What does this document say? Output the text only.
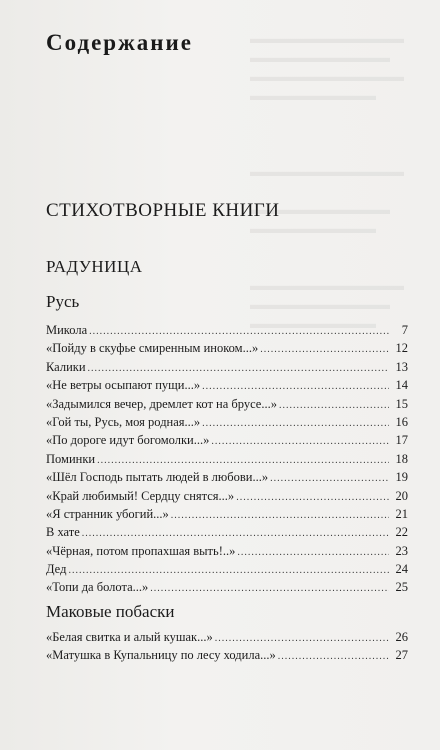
▬▬▬▬▬▬▬▬▬▬▬
▬▬▬▬▬▬▬▬▬▬
▬▬▬▬▬▬▬▬▬▬▬
▬▬▬▬▬▬▬▬▬

▬▬▬▬▬▬▬▬▬▬▬

▬▬▬▬▬▬▬▬▬▬
▬▬▬▬▬▬▬▬▬

▬▬▬▬▬▬▬▬▬▬▬
▬▬▬▬▬▬▬▬▬▬
▬▬▬▬▬▬▬▬▬
Содержание
СТИХОТВОРНЫЕ КНИГИ
РАДУНИЦА
Русь
Микола .....	7
«Пойду в скуфье смиренным иноком...» .....	12
Калики .....	13
«Не ветры осыпают пущи...» .....	14
«Задымился вечер, дремлет кот на брусе...» .....	15
«Гой ты, Русь, моя родная...» .....	16
«По дороге идут богомолки...» .....	17
Поминки .....	18
«Шёл Господь пытать людей в любови...» .....	19
«Край любимый! Сердцу снятся...» .....	20
«Я странник убогий...» .....	21
В хате .....	22
«Чёрная, потом пропахшая выть!..» .....	23
Дед .....	24
«Топи да болота...» .....	25
Маковые побаски
«Белая свитка и алый кушак...» .....	26
«Матушка в Купальницу по лесу ходила...» .....	27
